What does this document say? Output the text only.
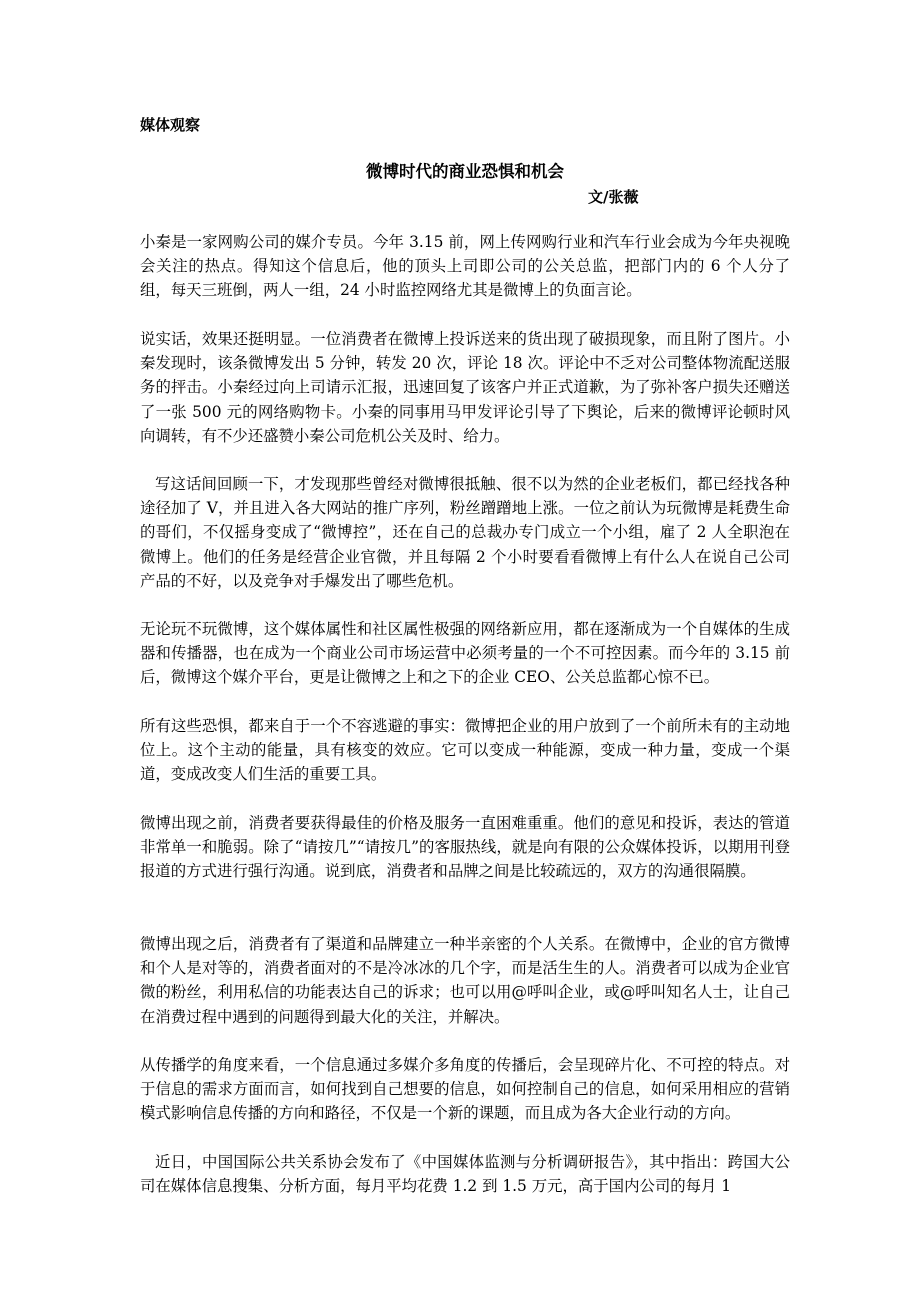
媒体观察
微博时代的商业恐惧和机会
文/张薇

小秦是一家网购公司的媒介专员。今年 3.15 前，网上传网购行业和汽车行业会成为今年央视晚会关注的热点。得知这个信息后，他的顶头上司即公司的公关总监，把部门内的 6 个人分了组，每天三班倒，两人一组，24 小时监控网络尤其是微博上的负面言论。

说实话，效果还挺明显。一位消费者在微博上投诉送来的货出现了破损现象，而且附了图片。小秦发现时，该条微博发出 5 分钟，转发 20 次，评论 18 次。评论中不乏对公司整体物流配送服务的抨击。小秦经过向上司请示汇报，迅速回复了该客户并正式道歉，为了弥补客户损失还赠送了一张 500 元的网络购物卡。小秦的同事用马甲发评论引导了下舆论，后来的微博评论顿时风向调转，有不少还盛赞小秦公司危机公关及时、给力。

写这话间回顾一下，才发现那些曾经对微博很抵触、很不以为然的企业老板们，都已经找各种途径加了 V，并且进入各大网站的推广序列，粉丝蹭蹭地上涨。一位之前认为玩微博是耗费生命的哥们，不仅摇身变成了“微博控”，还在自己的总裁办专门成立一个小组，雇了 2 人全职泡在微博上。他们的任务是经营企业官微，并且每隔 2 个小时要看看微博上有什么人在说自己公司产品的不好，以及竞争对手爆发出了哪些危机。

无论玩不玩微博，这个媒体属性和社区属性极强的网络新应用，都在逐渐成为一个自媒体的生成器和传播器，也在成为一个商业公司市场运营中必须考量的一个不可控因素。而今年的 3.15 前后，微博这个媒介平台，更是让微博之上和之下的企业 CEO、公关总监都心惊不已。

所有这些恐惧，都来自于一个不容逃避的事实：微博把企业的用户放到了一个前所未有的主动地位上。这个主动的能量，具有核变的效应。它可以变成一种能源，变成一种力量，变成一个渠道，变成改变人们生活的重要工具。

微博出现之前，消费者要获得最佳的价格及服务一直困难重重。他们的意见和投诉，表达的管道非常单一和脆弱。除了“请按几”“请按几”的客服热线，就是向有限的公众媒体投诉，以期用刊登报道的方式进行强行沟通。说到底，消费者和品牌之间是比较疏远的，双方的沟通很隔膜。

微博出现之后，消费者有了渠道和品牌建立一种半亲密的个人关系。在微博中，企业的官方微博和个人是对等的，消费者面对的不是冷冰冰的几个字，而是活生生的人。消费者可以成为企业官微的粉丝，利用私信的功能表达自己的诉求；也可以用@呼叫企业，或@呼叫知名人士，让自己在消费过程中遇到的问题得到最大化的关注，并解决。

从传播学的角度来看，一个信息通过多媒介多角度的传播后，会呈现碎片化、不可控的特点。对于信息的需求方面而言，如何找到自己想要的信息，如何控制自己的信息，如何采用相应的营销模式影响信息传播的方向和路径，不仅是一个新的课题，而且成为各大企业行动的方向。

近日，中国国际公共关系协会发布了《中国媒体监测与分析调研报告》，其中指出：跨国大公司在媒体信息搜集、分析方面，每月平均花费 1.2 到 1.5 万元，高于国内公司的每月 1
